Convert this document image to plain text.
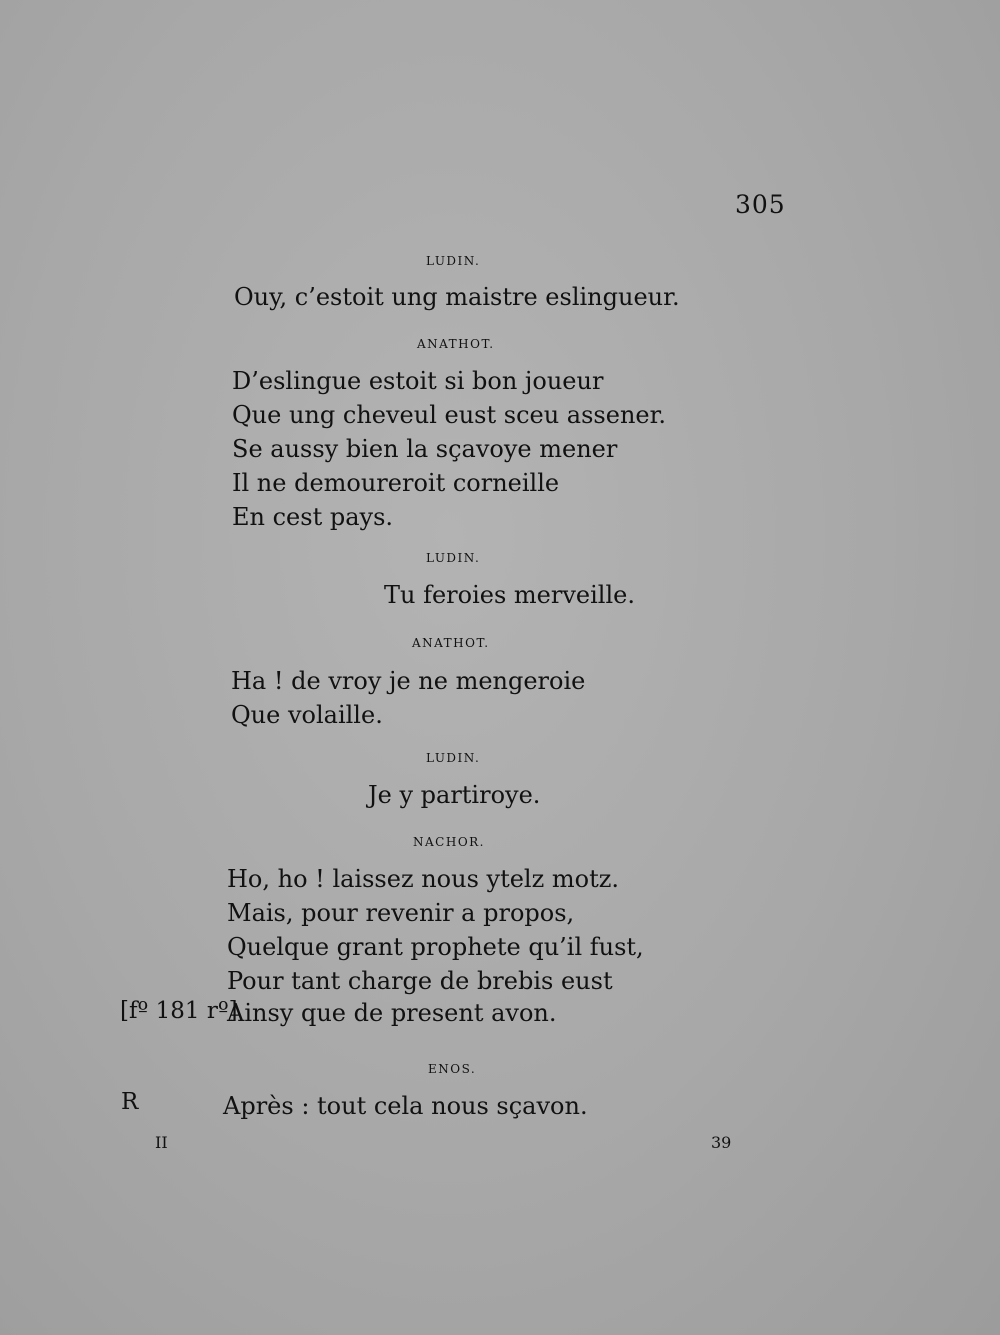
305
LUDIN.
Ouy, c’estoit ung maistre eslingueur.
ANATHOT.
D’eslingue estoit si bon joueur
Que ung cheveul eust sceu assener.
Se aussy bien la sçavoye mener
Il ne demoureroit corneille
En cest pays.
LUDIN.
Tu feroies merveille.
ANATHOT.
Ha ! de vroy je ne mengeroie
Que volaille.
LUDIN.
Je y partiroye.
NACHOR.
Ho, ho ! laissez nous ytelz motz.
Mais, pour revenir a propos,
Quelque grant prophete qu’il fust,
Pour tant charge de brebis eust
[fº 181 rº]
Ainsy que de present avon.
ENOS.
R	Après : tout cela nous sçavon.
II	39
